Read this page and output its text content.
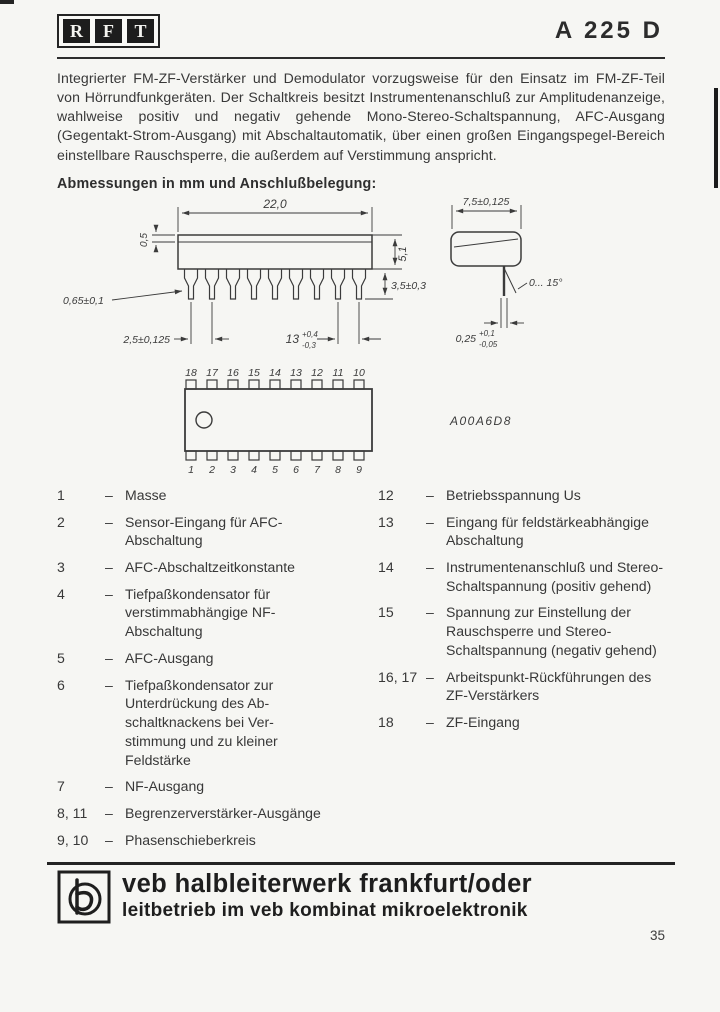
R	F	T	A 225 D

Integrierter FM-ZF-Verstärker und Demodulator vorzugsweise für den Einsatz im FM-ZF-Teil von Hörrundfunkgeräten. Der Schaltkreis besitzt Instrumentenanschluß zur Amplitudenanzeige, wahlweise positiv und negativ gehende Mono-Stereo-Schaltspannung, AFC-Ausgang (Gegentakt-Strom-Ausgang) mit Abschaltautomatik, über einen großen Eingangspegel-Bereich einstellbare Rauschsperre, die außerdem auf Verstimmung anspricht.

Abmessungen in mm und Anschlußbelegung:
22,0
5,1
3,5±0,3
0,5
0,65±0,1
2,5±0,125	13 +0,4
-0,3
7,5±0,125
0... 15°
0,25 +0,1
-0,05
18 17 16 15 14 13 12 11 10
1 2 3 4 5 6 7 8 9
A00A6D8
1	– Masse
2	– Sensor-Eingang für AFC-Abschaltung
3	– AFC-Abschaltzeitkonstante
4	– Tiefpaßkondensator für verstimmabhängige NF-Abschaltung
5	– AFC-Ausgang
6	– Tiefpaßkondensator zur Unterdrückung des Abschaltknackens bei Verstimmung und zu kleiner Feldstärke
7	– NF-Ausgang
8, 11	– Begrenzerverstärker-Ausgänge
9, 10	– Phasenschieberkreis
12	– Betriebsspannung Us
13	– Eingang für feldstärkeabhängige Abschaltung
14	– Instrumentenanschluß und Stereo-Schaltspannung (positiv gehend)
15	– Spannung zur Einstellung der Rauschsperre und Stereo-Schaltspannung (negativ gehend)
16, 17 – Arbeitspunkt-Rückführungen des ZF-Verstärkers
18	– ZF-Eingang
veb halbleiterwerk frankfurt/oder
leitbetrieb im veb kombinat mikroelektronik
35
